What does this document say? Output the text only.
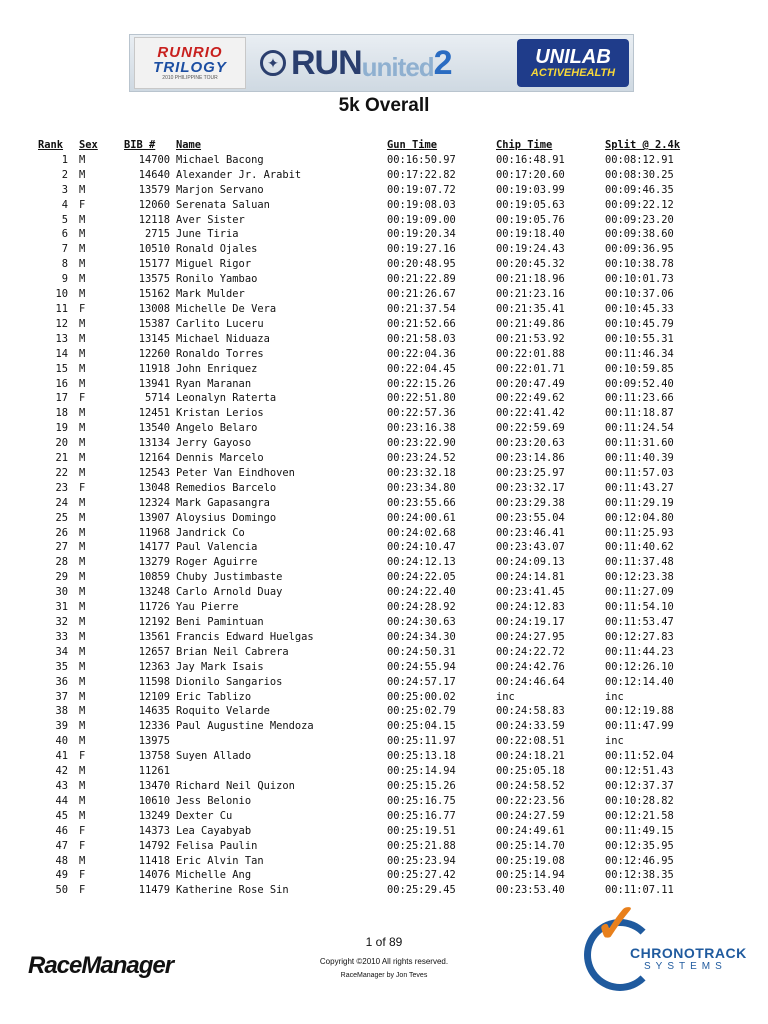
RUNRIO
TRILOGY
2010 PHILIPPINE TOUR
✦ RUN united 2	UNILAB
ACTIVEHEALTH
5k Overall
Rank	Sex	BIB #	Name	Gun Time	Chip Time	Split @ 2.4k
1	M	14700	Michael Bacong	00:16:50.97	00:16:48.91	00:08:12.91
2	M	14640	Alexander Jr. Arabit	00:17:22.82	00:17:20.60	00:08:30.25
3	M	13579	Marjon Servano	00:19:07.72	00:19:03.99	00:09:46.35
4	F	12060	Serenata Saluan	00:19:08.03	00:19:05.63	00:09:22.12
5	M	12118	Aver Sister	00:19:09.00	00:19:05.76	00:09:23.20
6	M	2715	June Tiria	00:19:20.34	00:19:18.40	00:09:38.60
7	M	10510	Ronald Ojales	00:19:27.16	00:19:24.43	00:09:36.95
8	M	15177	Miguel Rigor	00:20:48.95	00:20:45.32	00:10:38.78
9	M	13575	Ronilo Yambao	00:21:22.89	00:21:18.96	00:10:01.73
10	M	15162	Mark Mulder	00:21:26.67	00:21:23.16	00:10:37.06
11	F	13008	Michelle De Vera	00:21:37.54	00:21:35.41	00:10:45.33
12	M	15387	Carlito Luceru	00:21:52.66	00:21:49.86	00:10:45.79
13	M	13145	Michael Niduaza	00:21:58.03	00:21:53.92	00:10:55.31
14	M	12260	Ronaldo Torres	00:22:04.36	00:22:01.88	00:11:46.34
15	M	11918	John Enriquez	00:22:04.45	00:22:01.71	00:10:59.85
16	M	13941	Ryan Maranan	00:22:15.26	00:20:47.49	00:09:52.40
17	F	5714	Leonalyn Raterta	00:22:51.80	00:22:49.62	00:11:23.66
18	M	12451	Kristan Lerios	00:22:57.36	00:22:41.42	00:11:18.87
19	M	13540	Angelo Belaro	00:23:16.38	00:22:59.69	00:11:24.54
20	M	13134	Jerry Gayoso	00:23:22.90	00:23:20.63	00:11:31.60
21	M	12164	Dennis Marcelo	00:23:24.52	00:23:14.86	00:11:40.39
22	M	12543	Peter Van Eindhoven	00:23:32.18	00:23:25.97	00:11:57.03
23	F	13048	Remedios Barcelo	00:23:34.80	00:23:32.17	00:11:43.27
24	M	12324	Mark Gapasangra	00:23:55.66	00:23:29.38	00:11:29.19
25	M	13907	Aloysius Domingo	00:24:00.61	00:23:55.04	00:12:04.80
26	M	11968	Jandrick Co	00:24:02.68	00:23:46.41	00:11:25.93
27	M	14177	Paul Valencia	00:24:10.47	00:23:43.07	00:11:40.62
28	M	13279	Roger Aguirre	00:24:12.13	00:24:09.13	00:11:37.48
29	M	10859	Chuby Justimbaste	00:24:22.05	00:24:14.81	00:12:23.38
30	M	13248	Carlo Arnold Duay	00:24:22.40	00:23:41.45	00:11:27.09
31	M	11726	Yau Pierre	00:24:28.92	00:24:12.83	00:11:54.10
32	M	12192	Beni Pamintuan	00:24:30.63	00:24:19.17	00:11:53.47
33	M	13561	Francis Edward Huelgas	00:24:34.30	00:24:27.95	00:12:27.83
34	M	12657	Brian Neil Cabrera	00:24:50.31	00:24:22.72	00:11:44.23
35	M	12363	Jay Mark Isais	00:24:55.94	00:24:42.76	00:12:26.10
36	M	11598	Dionilo Sangarios	00:24:57.17	00:24:46.64	00:12:14.40
37	M	12109	Eric Tablizo	00:25:00.02	inc	inc
38	M	14635	Roquito Velarde	00:25:02.79	00:24:58.83	00:12:19.88
39	M	12336	Paul Augustine Mendoza	00:25:04.15	00:24:33.59	00:11:47.99
40	M	13975		00:25:11.97	00:22:08.51	inc
41	F	13758	Suyen Allado	00:25:13.18	00:24:18.21	00:11:52.04
42	M	11261		00:25:14.94	00:25:05.18	00:12:51.43
43	M	13470	Richard Neil Quizon	00:25:15.26	00:24:58.52	00:12:37.37
44	M	10610	Jess Belonio	00:25:16.75	00:22:23.56	00:10:28.82
45	M	13249	Dexter Cu	00:25:16.77	00:24:27.59	00:12:21.58
46	F	14373	Lea Cayabyab	00:25:19.51	00:24:49.61	00:11:49.15
47	F	14792	Felisa Paulin	00:25:21.88	00:25:14.70	00:12:35.95
48	M	11418	Eric Alvin Tan	00:25:23.94	00:25:19.08	00:12:46.95
49	F	14076	Michelle Ang	00:25:27.42	00:25:14.94	00:12:38.35
50	F	11479	Katherine Rose Sin	00:25:29.45	00:23:53.40	00:11:07.11
RaceManager
1 of 89
Copyright ©2010 All rights reserved.
RaceManager by Jon Teves
✓
CHRONOTRACK
SYSTEMS
